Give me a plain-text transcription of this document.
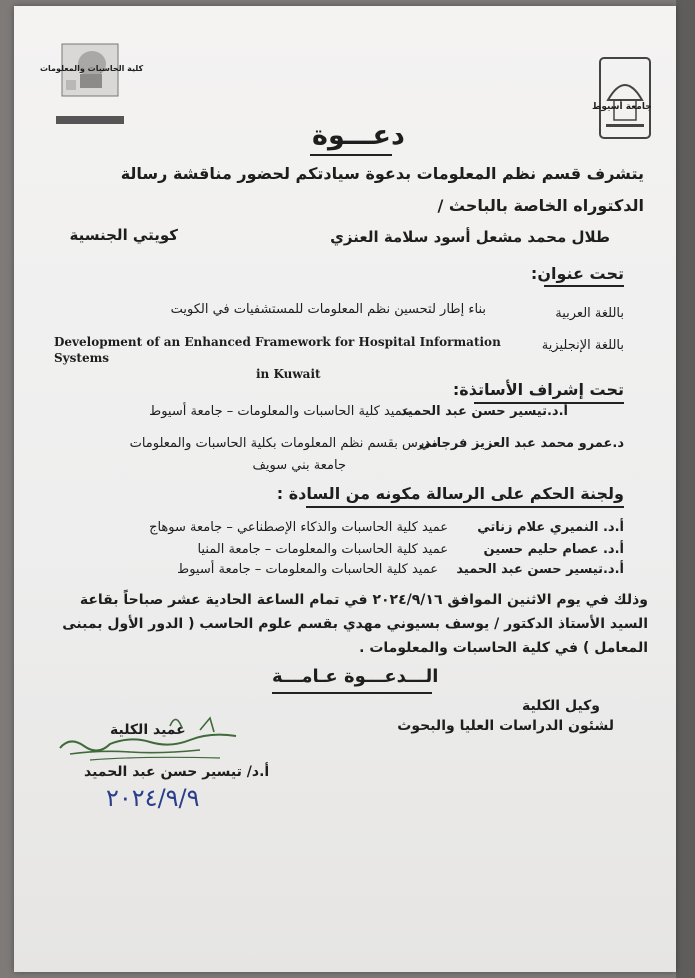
كلية الحاسبات والمعلومات
جامعة أسيوط
دعـــوة
يتشرف قسم نظم المعلومات بدعوة سيادتكم لحضور مناقشة رسالة
الدكتوراه الخاصة بالباحث /
طلال محمد مشعل أسود سلامة العنزي
كويتي الجنسية
تحت عنوان:
باللغة العربية
بناء إطار لتحسين نظم المعلومات للمستشفيات في الكويت
باللغة الإنجليزية
Development of an Enhanced Framework for Hospital Information Systems
in Kuwait
تحت إشراف الأساتذة:
أ.د.تيسير حسن عبد الحميد
عميد كلية الحاسبات والمعلومات – جامعة أسيوط
د.عمرو محمد عبد العزيز فرجاني
مدرس بقسم نظم المعلومات بكلية الحاسبات والمعلومات
جامعة بني سويف
ولجنة الحكم على الرسالة مكونه من السادة :
أ.د. النميري علام زناتي
عميد كلية الحاسبات والذكاء الإصطناعي – جامعة سوهاج
أ.د. عصام حليم حسين
عميد كلية الحاسبات والمعلومات – جامعة المنيا
أ.د.تيسير حسن عبد الحميد
عميد كلية الحاسبات والمعلومات – جامعة أسيوط
وذلك في يوم الاثنين الموافق ٢٠٢٤/٩/١٦ في تمام الساعة الحادية عشر صباحاً بقاعة
السيد الأستاذ الدكتور / يوسف بسيوني مهدي بقسم علوم الحاسب ( الدور الأول بمبنى
المعامل ) في كلية الحاسبات والمعلومات .
الـــدعـــوة عـامـــة
وكيل الكلية
لشئون الدراسات العليا والبحوث
عميد الكلية
أ.د/ تيسير حسن عبد الحميد
٢٠٢٤/٩/٩
